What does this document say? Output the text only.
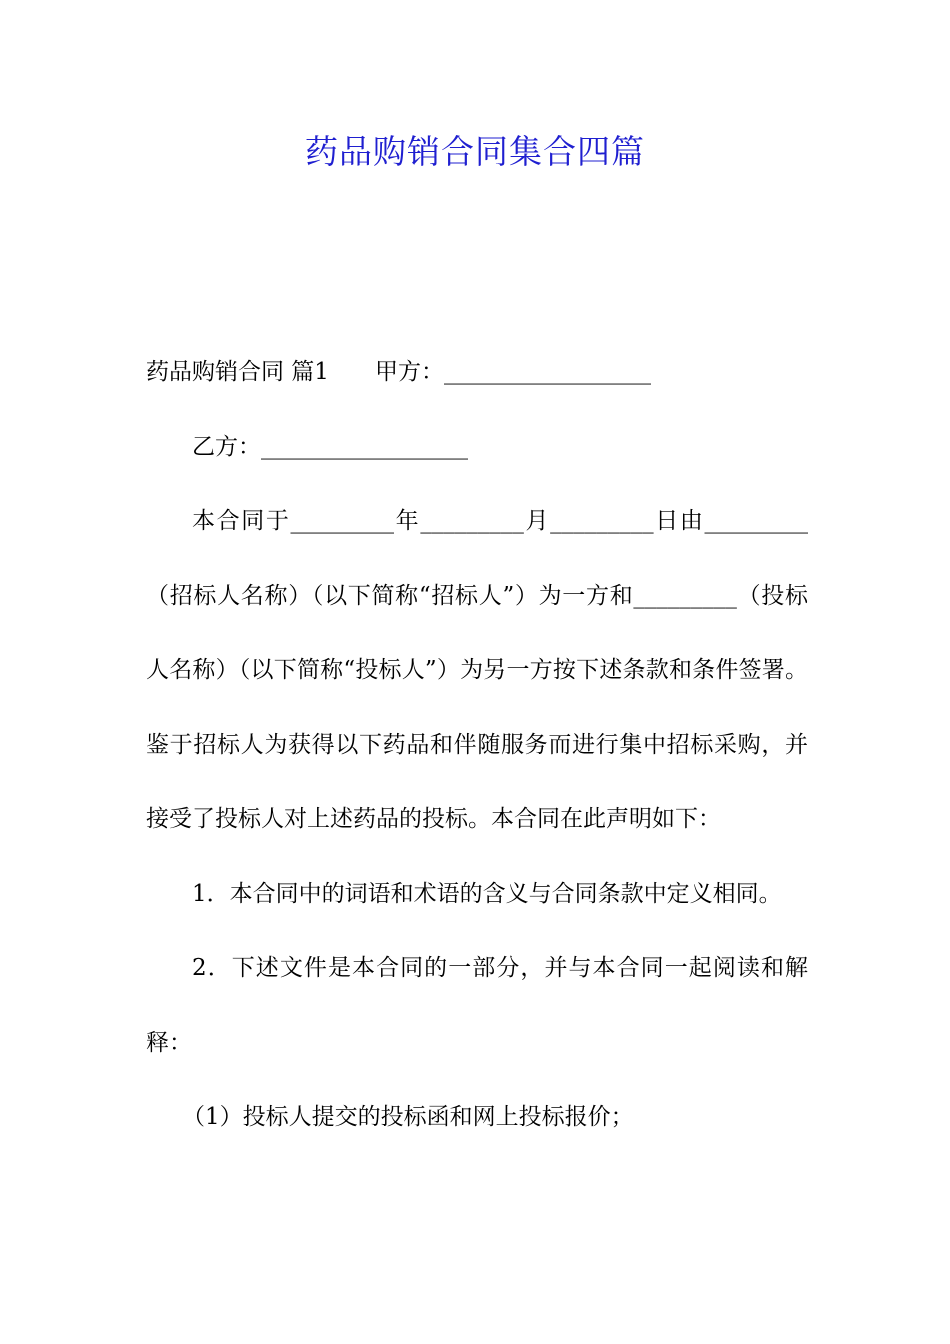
药品购销合同集合四篇

药品购销合同 篇1 甲方：__________________

乙方：__________________

本合同于_________年_________月_________日由_________（招标人名称）（以下简称“招标人”）为一方和_________（投标人名称）（以下简称“投标人”）为另一方按下述条款和条件签署。 鉴于招标人为获得以下药品和伴随服务而进行集中招标采购，并接受了投标人对上述药品的投标。本合同在此声明如下：

1．本合同中的词语和术语的含义与合同条款中定义相同。

2．下述文件是本合同的一部分，并与本合同一起阅读和解释：

（1）投标人提交的投标函和网上投标报价；
